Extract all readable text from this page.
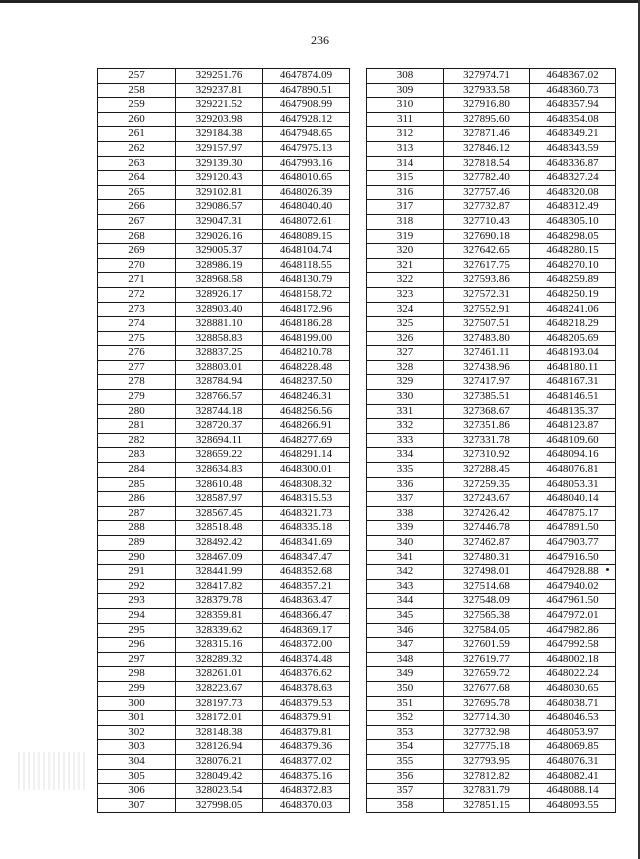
236
257	329251.76	4647874.09		308	327974.71	4648367.02
258	329237.81	4647890.51		309	327933.58	4648360.73
259	329221.52	4647908.99		310	327916.80	4648357.94
260	329203.98	4647928.12		311	327895.60	4648354.08
261	329184.38	4647948.65		312	327871.46	4648349.21
262	329157.97	4647975.13		313	327846.12	4648343.59
263	329139.30	4647993.16		314	327818.54	4648336.87
264	329120.43	4648010.65		315	327782.40	4648327.24
265	329102.81	4648026.39		316	327757.46	4648320.08
266	329086.57	4648040.40		317	327732.87	4648312.49
267	329047.31	4648072.61		318	327710.43	4648305.10
268	329026.16	4648089.15		319	327690.18	4648298.05
269	329005.37	4648104.74		320	327642.65	4648280.15
270	328986.19	4648118.55		321	327617.75	4648270.10
271	328968.58	4648130.79		322	327593.86	4648259.89
272	328926.17	4648158.72		323	327572.31	4648250.19
273	328903.40	4648172.96		324	327552.91	4648241.06
274	328881.10	4648186.28		325	327507.51	4648218.29
275	328858.83	4648199.00		326	327483.80	4648205.69
276	328837.25	4648210.78		327	327461.11	4648193.04
277	328803.01	4648228.48		328	327438.96	4648180.11
278	328784.94	4648237.50		329	327417.97	4648167.31
279	328766.57	4648246.31		330	327385.51	4648146.51
280	328744.18	4648256.56		331	327368.67	4648135.37
281	328720.37	4648266.91		332	327351.86	4648123.87
282	328694.11	4648277.69		333	327331.78	4648109.60
283	328659.22	4648291.14		334	327310.92	4648094.16
284	328634.83	4648300.01		335	327288.45	4648076.81
285	328610.48	4648308.32		336	327259.35	4648053.31
286	328587.97	4648315.53		337	327243.67	4648040.14
287	328567.45	4648321.73		338	327426.42	4647875.17
288	328518.48	4648335.18		339	327446.78	4647891.50
289	328492.42	4648341.69		340	327462.87	4647903.77
290	328467.09	4648347.47		341	327480.31	4647916.50
291	328441.99	4648352.68		342	327498.01	4647928.88
292	328417.82	4648357.21		343	327514.68	4647940.02
293	328379.78	4648363.47		344	327548.09	4647961.50
294	328359.81	4648366.47		345	327565.38	4647972.01
295	328339.62	4648369.17		346	327584.05	4647982.86
296	328315.16	4648372.00		347	327601.59	4647992.58
297	328289.32	4648374.48		348	327619.77	4648002.18
298	328261.01	4648376.62		349	327659.72	4648022.24
299	328223.67	4648378.63		350	327677.68	4648030.65
300	328197.73	4648379.53		351	327695.78	4648038.71
301	328172.01	4648379.91		352	327714.30	4648046.53
302	328148.38	4648379.81		353	327732.98	4648053.97
303	328126.94	4648379.36		354	327775.18	4648069.85
304	328076.21	4648377.02		355	327793.95	4648076.31
305	328049.42	4648375.16		356	327812.82	4648082.41
306	328023.54	4648372.83		357	327831.79	4648088.14
307	327998.05	4648370.03		358	327851.15	4648093.55
